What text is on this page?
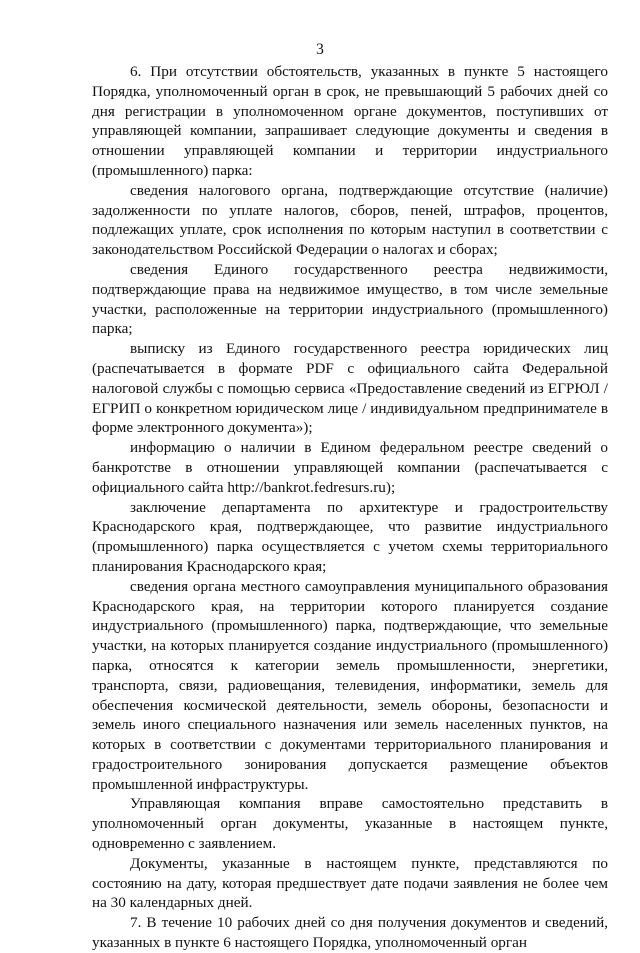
3

6. При отсутствии обстоятельств, указанных в пункте 5 настоящего Порядка, уполномоченный орган в срок, не превышающий 5 рабочих дней со дня регистрации в уполномоченном органе документов, поступивших от управляющей компании, запрашивает следующие документы и сведения в отношении управляющей компании и территории индустриального (промышленного) парка:

сведения налогового органа, подтверждающие отсутствие (наличие) задолженности по уплате налогов, сборов, пеней, штрафов, процентов, подлежащих уплате, срок исполнения по которым наступил в соответствии с законодательством Российской Федерации о налогах и сборах;

сведения Единого государственного реестра недвижимости, подтверждающие права на недвижимое имущество, в том числе земельные участки, расположенные на территории индустриального (промышленного) парка;

выписку из Единого государственного реестра юридических лиц (распечатывается в формате PDF с официального сайта Федеральной налоговой службы с помощью сервиса «Предоставление сведений из ЕГРЮЛ / ЕГРИП о конкретном юридическом лице / индивидуальном предпринимателе в форме электронного документа»);

информацию о наличии в Едином федеральном реестре сведений о банкротстве в отношении управляющей компании (распечатывается с официального сайта http://bankrot.fedresurs.ru);

заключение департамента по архитектуре и градостроительству Краснодарского края, подтверждающее, что развитие индустриального (промышленного) парка осуществляется с учетом схемы территориального планирования Краснодарского края;

сведения органа местного самоуправления муниципального образования Краснодарского края, на территории которого планируется создание индустриального (промышленного) парка, подтверждающие, что земельные участки, на которых планируется создание индустриального (промышленного) парка, относятся к категории земель промышленности, энергетики, транспорта, связи, радиовещания, телевидения, информатики, земель для обеспечения космической деятельности, земель обороны, безопасности и земель иного специального назначения или земель населенных пунктов, на которых в соответствии с документами территориального планирования и градостроительного зонирования допускается размещение объектов промышленной инфраструктуры.

Управляющая компания вправе самостоятельно представить в уполномоченный орган документы, указанные в настоящем пункте, одновременно с заявлением.

Документы, указанные в настоящем пункте, представляются по состоянию на дату, которая предшествует дате подачи заявления не более чем на 30 календарных дней.

7. В течение 10 рабочих дней со дня получения документов и сведений, указанных в пункте 6 настоящего Порядка, уполномоченный орган
